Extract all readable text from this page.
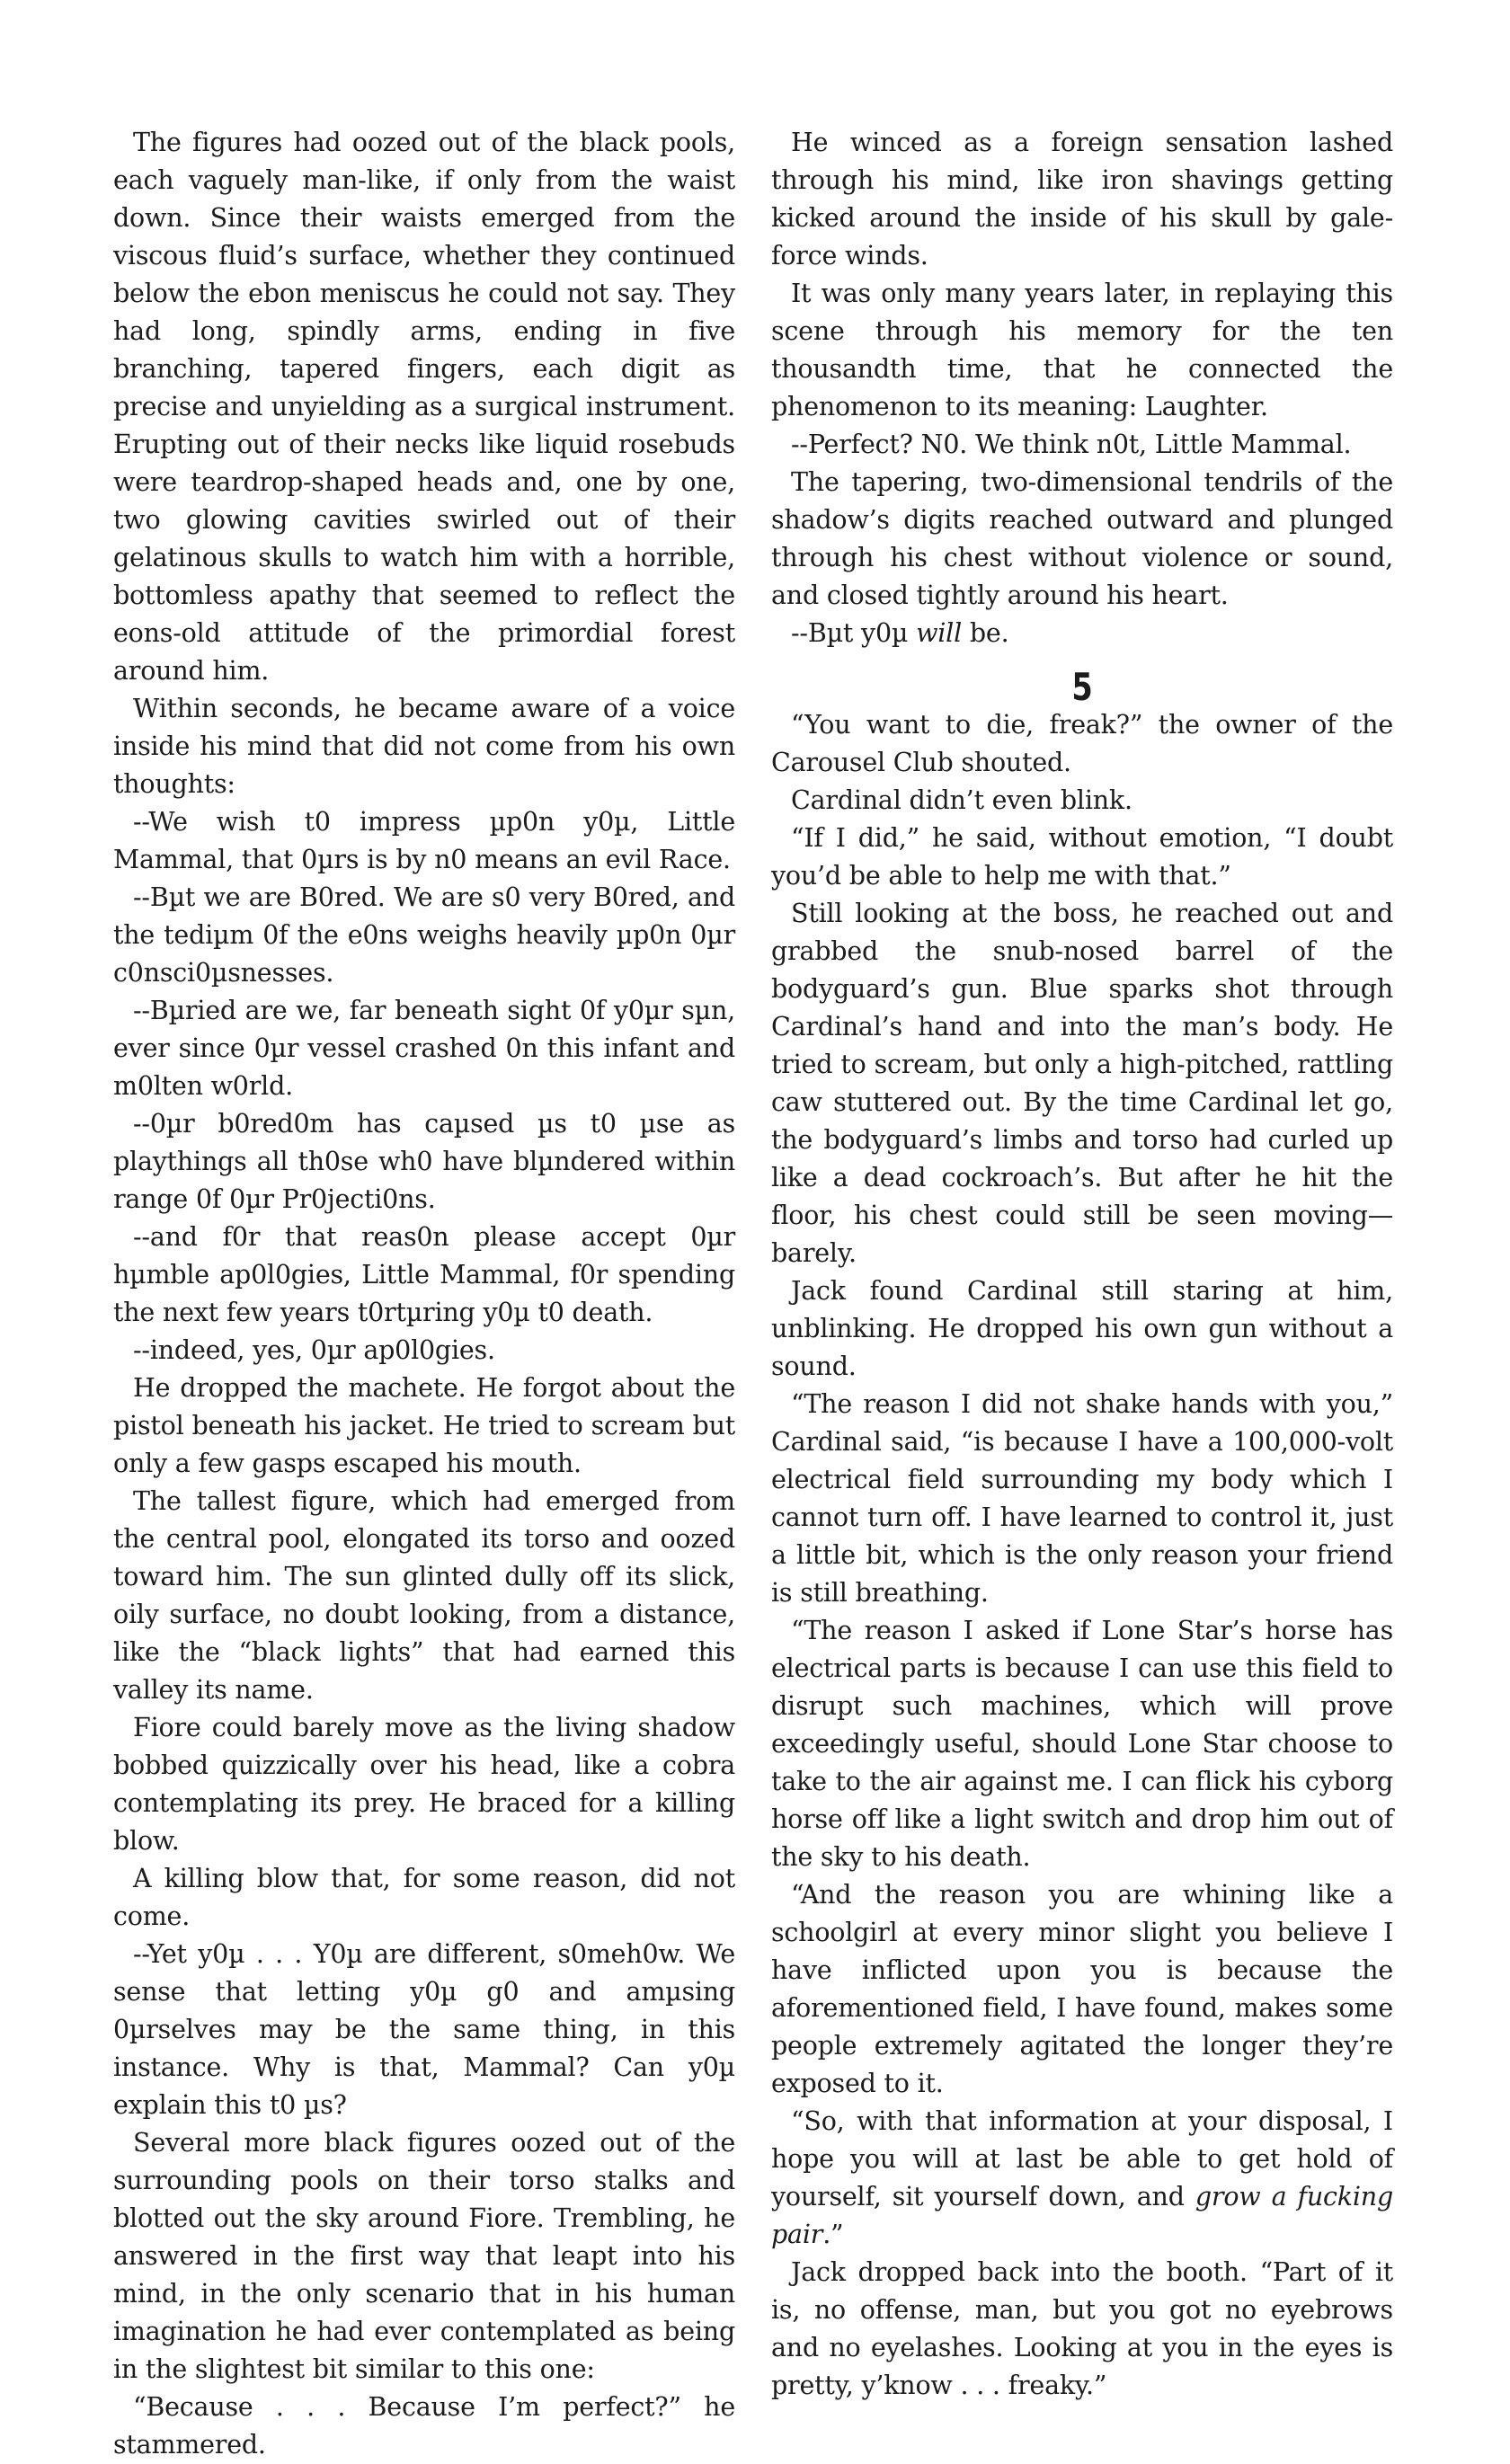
The figures had oozed out of the black pools, each vaguely man-like, if only from the waist down. Since their waists emerged from the viscous fluid’s surface, whether they continued below the ebon meniscus he could not say. They had long, spindly arms, ending in five branching, tapered fingers, each digit as precise and unyielding as a surgical instrument. Erupting out of their necks like liquid rosebuds were teardrop-shaped heads and, one by one, two glowing cavities swirled out of their gelatinous skulls to watch him with a horrible, bottomless apathy that seemed to reflect the eons-old attitude of the primordial forest around him.

Within seconds, he became aware of a voice inside his mind that did not come from his own thoughts:

--We wish t0 impress µp0n y0µ, Little Mammal, that 0µrs is by n0 means an evil Race.

--Bµt we are B0red. We are s0 very B0red, and the tediµm 0f the e0ns weighs heavily µp0n 0µr c0nsci0µsnesses.

--Bµried are we, far beneath sight 0f y0µr sµn, ever since 0µr vessel crashed 0n this infant and m0lten w0rld.

--0µr b0red0m has caµsed µs t0 µse as playthings all th0se wh0 have blµndered within range 0f 0µr Pr0jecti0ns.

--and f0r that reas0n please accept 0µr hµmble ap0l0gies, Little Mammal, f0r spending the next few years t0rtµring y0µ t0 death.

--indeed, yes, 0µr ap0l0gies.

He dropped the machete. He forgot about the pistol beneath his jacket. He tried to scream but only a few gasps escaped his mouth.

The tallest figure, which had emerged from the central pool, elongated its torso and oozed toward him. The sun glinted dully off its slick, oily surface, no doubt looking, from a distance, like the “black lights” that had earned this valley its name.

Fiore could barely move as the living shadow bobbed quizzically over his head, like a cobra contemplating its prey. He braced for a killing blow.

A killing blow that, for some reason, did not come.

--Yet y0µ . . . Y0µ are different, s0meh0w. We sense that letting y0µ g0 and amµsing 0µrselves may be the same thing, in this instance. Why is that, Mammal? Can y0µ explain this t0 µs?

Several more black figures oozed out of the surrounding pools on their torso stalks and blotted out the sky around Fiore. Trembling, he answered in the first way that leapt into his mind, in the only scenario that in his human imagination he had ever contemplated as being in the slightest bit similar to this one:

“Because . . . Because I’m perfect?” he stammered.

He winced as a foreign sensation lashed through his mind, like iron shavings getting kicked around the inside of his skull by gale-force winds.

It was only many years later, in replaying this scene through his memory for the ten thousandth time, that he connected the phenomenon to its meaning: Laughter.

--Perfect? N0. We think n0t, Little Mammal.

The tapering, two-dimensional tendrils of the shadow’s digits reached outward and plunged through his chest without violence or sound, and closed tightly around his heart.

--Bµt y0µ will be.

5

“You want to die, freak?” the owner of the Carousel Club shouted.

Cardinal didn’t even blink.

“If I did,” he said, without emotion, “I doubt you’d be able to help me with that.”

Still looking at the boss, he reached out and grabbed the snub-nosed barrel of the bodyguard’s gun. Blue sparks shot through Cardinal’s hand and into the man’s body. He tried to scream, but only a high-pitched, rattling caw stuttered out. By the time Cardinal let go, the bodyguard’s limbs and torso had curled up like a dead cockroach’s. But after he hit the floor, his chest could still be seen moving—barely.

Jack found Cardinal still staring at him, unblinking. He dropped his own gun without a sound.

“The reason I did not shake hands with you,” Cardinal said, “is because I have a 100,000-volt electrical field surrounding my body which I cannot turn off. I have learned to control it, just a little bit, which is the only reason your friend is still breathing.

“The reason I asked if Lone Star’s horse has electrical parts is because I can use this field to disrupt such machines, which will prove exceedingly useful, should Lone Star choose to take to the air against me. I can flick his cyborg horse off like a light switch and drop him out of the sky to his death.

“And the reason you are whining like a schoolgirl at every minor slight you believe I have inflicted upon you is because the aforementioned field, I have found, makes some people extremely agitated the longer they’re exposed to it.

“So, with that information at your disposal, I hope you will at last be able to get hold of yourself, sit yourself down, and grow a fucking pair.”

Jack dropped back into the booth. “Part of it is, no offense, man, but you got no eyebrows and no eyelashes. Looking at you in the eyes is pretty, y’know . . . freaky.”
